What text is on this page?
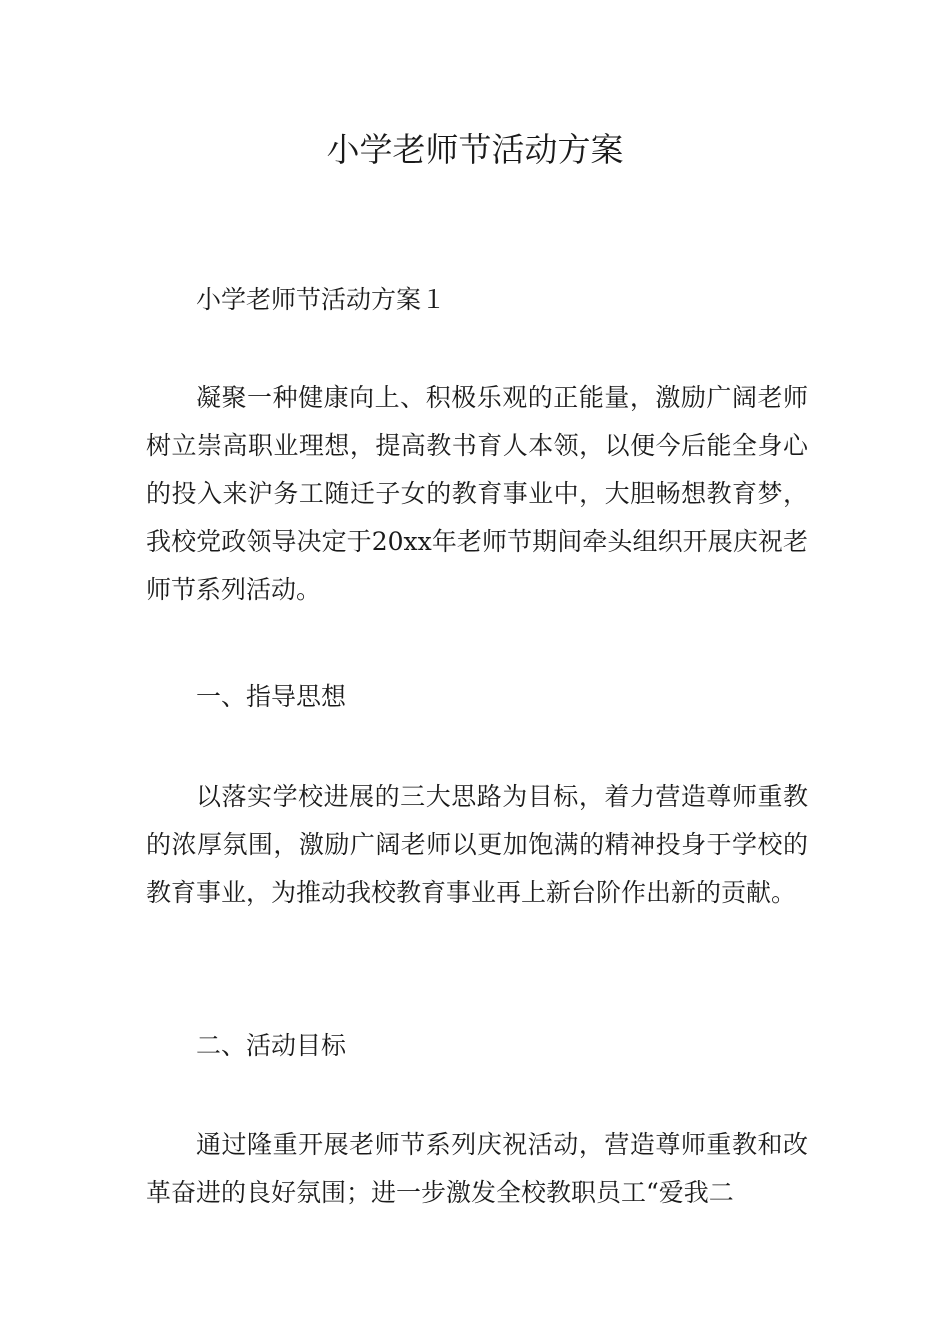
小学老师节活动方案

小学老师节活动方案１

凝聚一种健康向上、积极乐观的正能量，激励广阔老师树立崇高职业理想，提高教书育人本领，以便今后能全身心的投入来沪务工随迁子女的教育事业中，大胆畅想教育梦，我校党政领导决定于20xx年老师节期间牵头组织开展庆祝老师节系列活动。

一、指导思想

以落实学校进展的三大思路为目标，着力营造尊师重教的浓厚氛围，激励广阔老师以更加饱满的精神投身于学校的教育事业，为推动我校教育事业再上新台阶作出新的贡献。

二、活动目标

通过隆重开展老师节系列庆祝活动，营造尊师重教和改革奋进的良好氛围；进一步激发全校教职员工“爱我二
